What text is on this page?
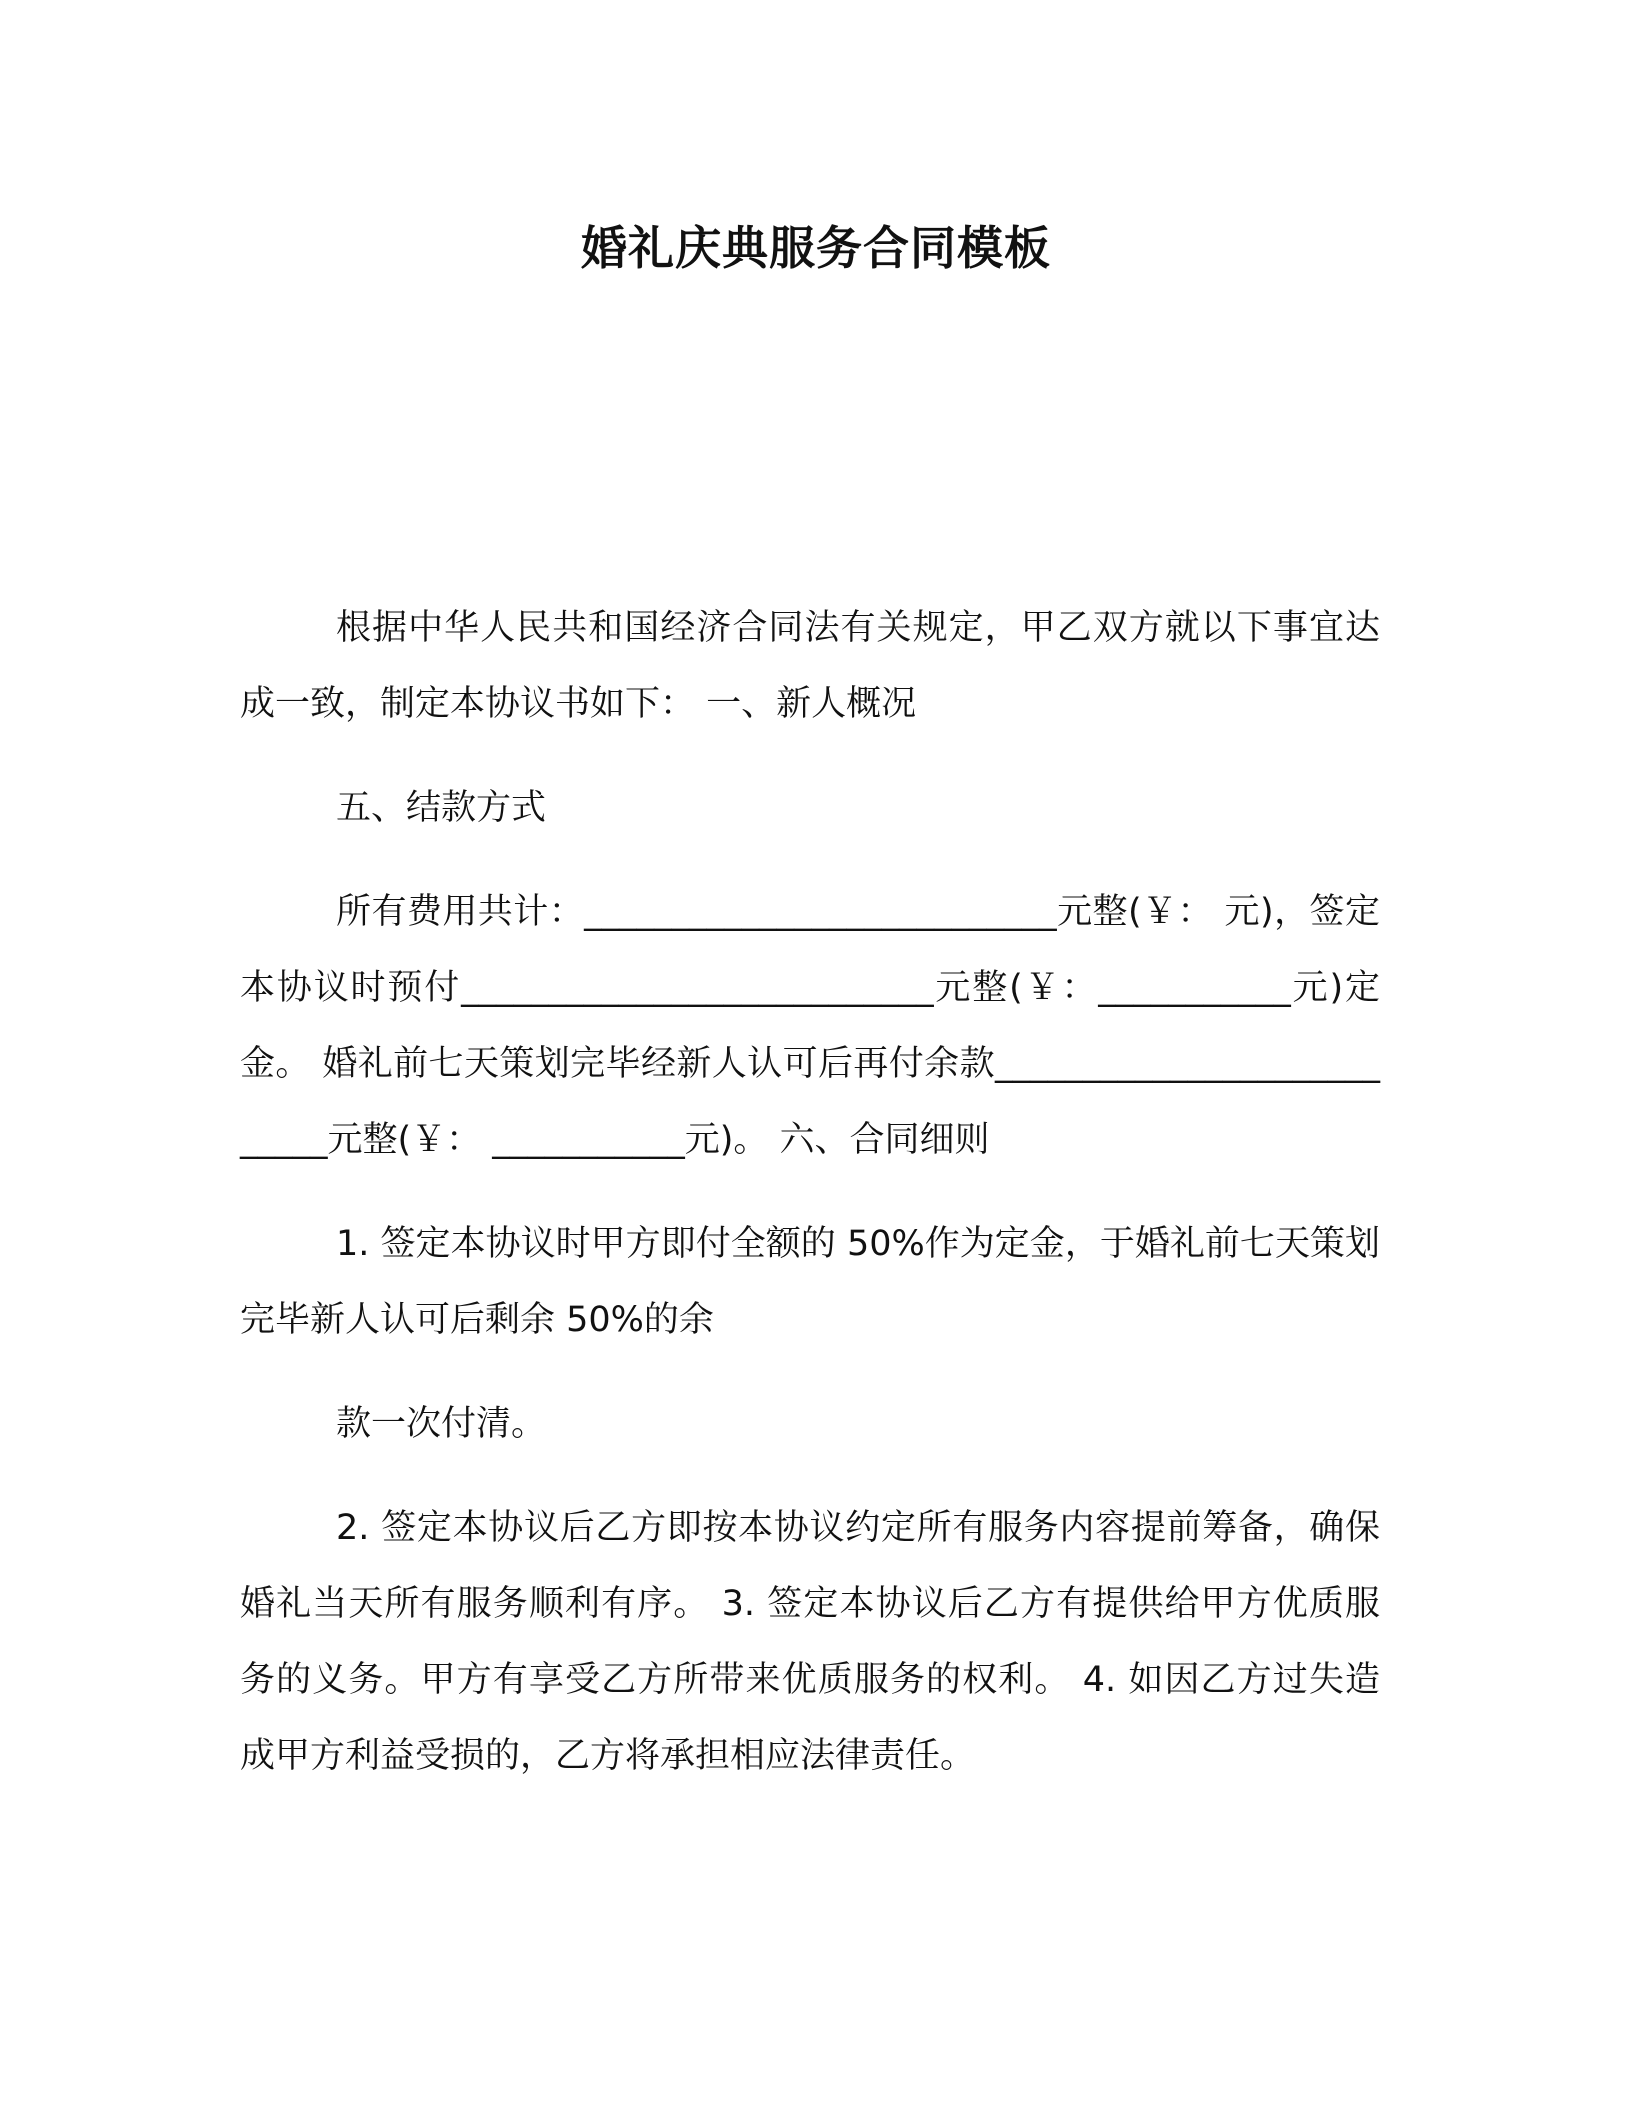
婚礼庆典服务合同模板

根据中华人民共和国经济合同法有关规定，甲乙双方就以下事宜达成一致，制定本协议书如下： 一、新人概况

五、结款方式

所有费用共计：___________________________元整(￥： 元)，签定本协议时预付___________________________元整(￥：___________元)定金。 婚礼前七天策划完毕经新人认可后再付余款___________________________元整(￥： ___________元)。 六、合同细则

1. 签定本协议时甲方即付全额的 50%作为定金，于婚礼前七天策划完毕新人认可后剩余 50%的余

款一次付清。

2. 签定本协议后乙方即按本协议约定所有服务内容提前筹备，确保婚礼当天所有服务顺利有序。 3. 签定本协议后乙方有提供给甲方优质服务的义务。甲方有享受乙方所带来优质服务的权利。 4. 如因乙方过失造成甲方利益受损的，乙方将承担相应法律责任。
